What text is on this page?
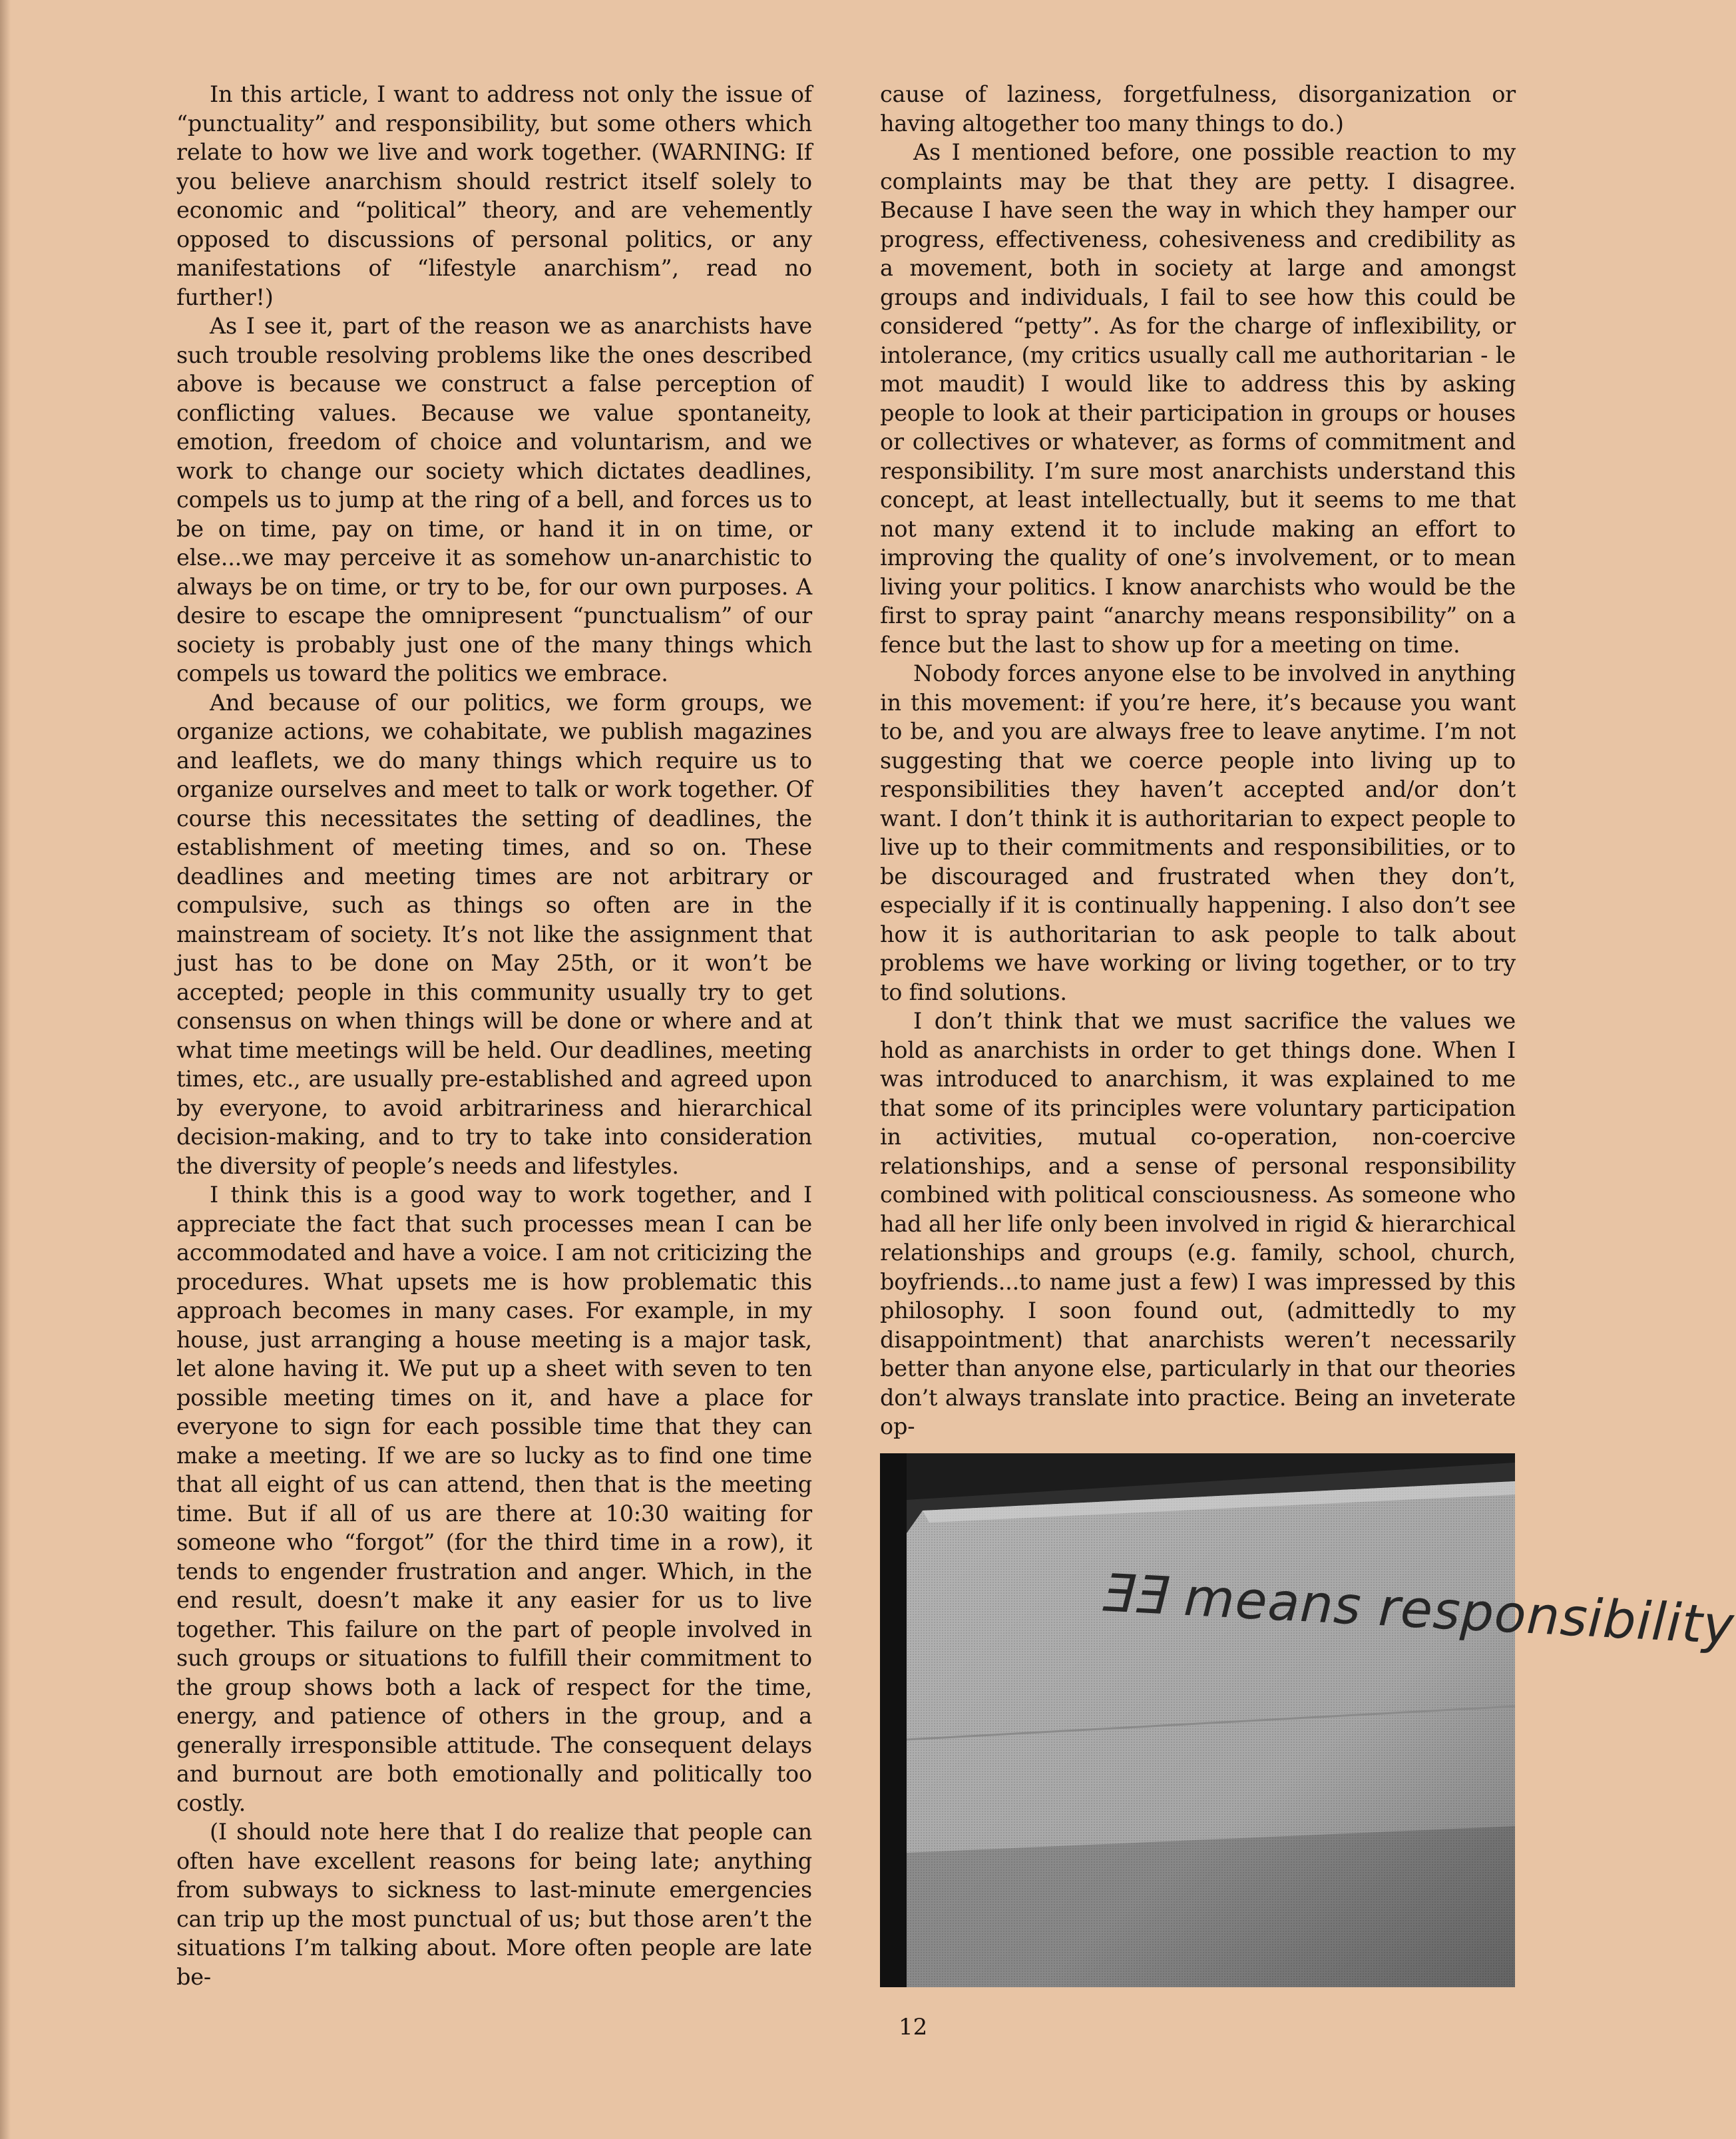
In this article, I want to address not only the issue of “punctuality” and responsibility, but some others which relate to how we live and work together. (WARNING: If you believe anarchism should restrict itself solely to economic and “political” theory, and are vehemently opposed to discussions of personal politics, or any manifestations of “lifestyle anarchism”, read no further!)

As I see it, part of the reason we as anarchists have such trouble resolving problems like the ones described above is because we construct a false perception of conflicting values. Because we value spontaneity, emotion, freedom of choice and voluntarism, and we work to change our society which dictates deadlines, compels us to jump at the ring of a bell, and forces us to be on time, pay on time, or hand it in on time, or else...we may perceive it as somehow un-anarchistic to always be on time, or try to be, for our own purposes. A desire to escape the omnipresent “punctualism” of our society is probably just one of the many things which compels us toward the politics we embrace.

And because of our politics, we form groups, we organize actions, we cohabitate, we publish magazines and leaflets, we do many things which require us to organize ourselves and meet to talk or work together. Of course this necessitates the setting of deadlines, the establishment of meeting times, and so on. These deadlines and meeting times are not arbitrary or compulsive, such as things so often are in the mainstream of society. It’s not like the assignment that just has to be done on May 25th, or it won’t be accepted; people in this community usually try to get consensus on when things will be done or where and at what time meetings will be held. Our deadlines, meeting times, etc., are usually pre-established and agreed upon by everyone, to avoid arbitrariness and hierarchical decision-making, and to try to take into consideration the diversity of people’s needs and lifestyles.

I think this is a good way to work together, and I appreciate the fact that such processes mean I can be accommodated and have a voice. I am not criticizing the procedures. What upsets me is how problematic this approach becomes in many cases. For example, in my house, just arranging a house meeting is a major task, let alone having it. We put up a sheet with seven to ten possible meeting times on it, and have a place for everyone to sign for each possible time that they can make a meeting. If we are so lucky as to find one time that all eight of us can attend, then that is the meeting time. But if all of us are there at 10:30 waiting for someone who “forgot” (for the third time in a row), it tends to engender frustration and anger. Which, in the end result, doesn’t make it any easier for us to live together. This failure on the part of people involved in such groups or situations to fulfill their commitment to the group shows both a lack of respect for the time, energy, and patience of others in the group, and a generally irresponsible attitude. The consequent delays and burnout are both emotionally and politically too costly.

(I should note here that I do realize that people can often have excellent reasons for being late; anything from subways to sickness to last-minute emergencies can trip up the most punctual of us; but those aren’t the situations I’m talking about. More often people are late be-

cause of laziness, forgetfulness, disorganization or having altogether too many things to do.)

As I mentioned before, one possible reaction to my complaints may be that they are petty. I disagree. Because I have seen the way in which they hamper our progress, effectiveness, cohesiveness and credibility as a movement, both in society at large and amongst groups and individuals, I fail to see how this could be considered “petty”. As for the charge of inflexibility, or intolerance, (my critics usually call me authoritarian - le mot maudit) I would like to address this by asking people to look at their participation in groups or houses or collectives or whatever, as forms of commitment and responsibility. I’m sure most anarchists understand this concept, at least intellectually, but it seems to me that not many extend it to include making an effort to improving the quality of one’s involvement, or to mean living your politics. I know anarchists who would be the first to spray paint “anarchy means responsibility” on a fence but the last to show up for a meeting on time.

Nobody forces anyone else to be involved in anything in this movement: if you’re here, it’s because you want to be, and you are always free to leave anytime. I’m not suggesting that we coerce people into living up to responsibilities they haven’t accepted and/or don’t want. I don’t think it is authoritarian to expect people to live up to their commitments and responsibilities, or to be discouraged and frustrated when they don’t, especially if it is continually happening. I also don’t see how it is authoritarian to ask people to talk about problems we have working or living together, or to try to find solutions.

I don’t think that we must sacrifice the values we hold as anarchists in order to get things done. When I was introduced to anarchism, it was explained to me that some of its principles were voluntary participation in activities, mutual co-operation, non-coercive relationships, and a sense of personal responsibility combined with political consciousness. As someone who had all her life only been involved in rigid & hierarchical relationships and groups (e.g. family, school, church, boyfriends...to name just a few) I was impressed by this philosophy. I soon found out, (admittedly to my disappointment) that anarchists weren’t necessarily better than anyone else, particularly in that our theories don’t always translate into practice. Being an inveterate op-

ƎƎ means responsibility
12
